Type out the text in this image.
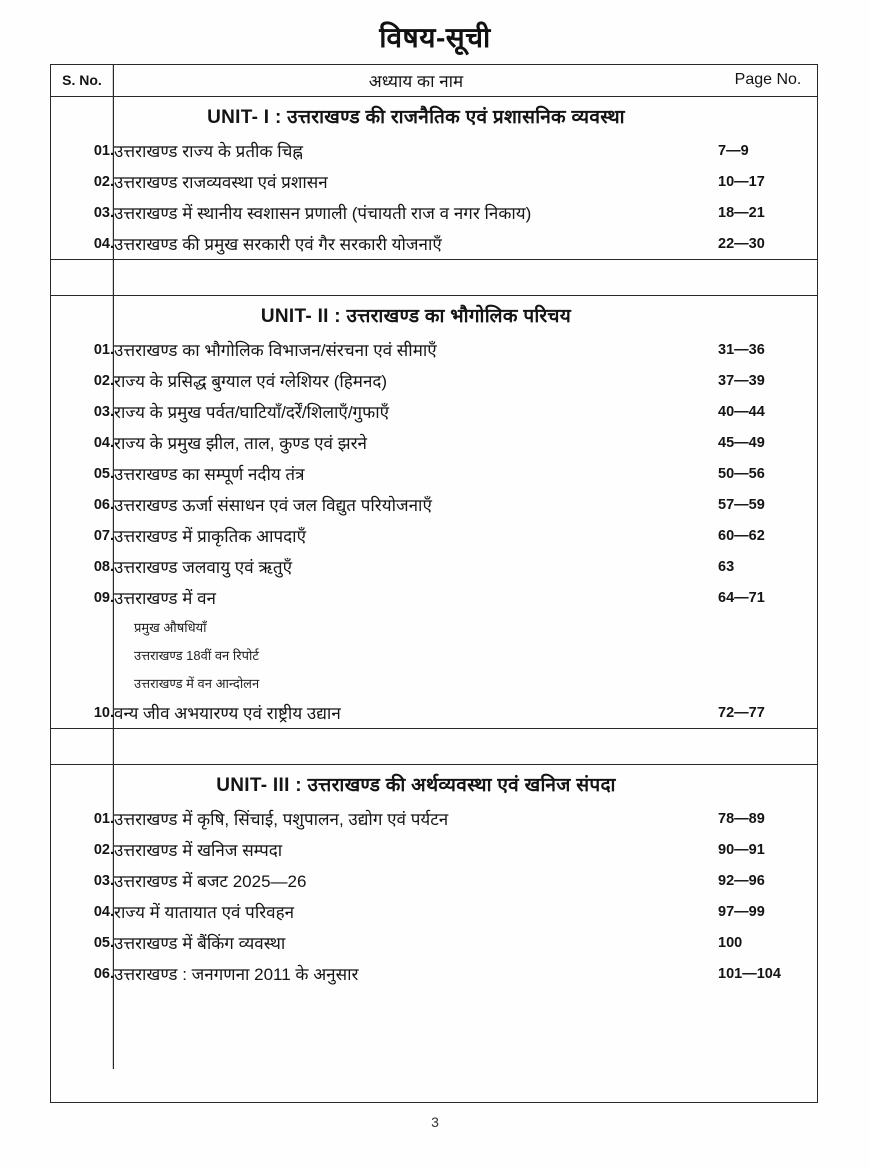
विषय-सूची
S. No.	अध्याय का नाम	Page No.
	UNIT- I : उत्तराखण्ड की राजनैतिक एवं प्रशासनिक व्यवस्था	
01.	उत्तराखण्ड राज्य के प्रतीक चिह्न	7—9
02.	उत्तराखण्ड राजव्यवस्था एवं प्रशासन	10—17
03.	उत्तराखण्ड में स्थानीय स्वशासन प्रणाली (पंचायती राज व नगर निकाय)	18—21
04.	उत्तराखण्ड की प्रमुख सरकारी एवं गैर सरकारी योजनाएँ	22—30

	UNIT- II : उत्तराखण्ड का भौगोलिक परिचय	
01.	उत्तराखण्ड का भौगोलिक विभाजन/संरचना एवं सीमाएँ	31—36
02.	राज्य के प्रसिद्ध बुग्याल एवं ग्लेशियर (हिमनद)	37—39
03.	राज्य के प्रमुख पर्वत/घाटियाँ/दर्रें/शिलाएँ/गुफाएँ	40—44
04.	राज्य के प्रमुख झील, ताल, कुण्ड एवं झरने	45—49
05.	उत्तराखण्ड का सम्पूर्ण नदीय तंत्र	50—56
06.	उत्तराखण्ड ऊर्जा संसाधन एवं जल विद्युत परियोजनाएँ	57—59
07.	उत्तराखण्ड में प्राकृतिक आपदाएँ	60—62
08.	उत्तराखण्ड जलवायु एवं ऋतुएँ	63
09.	उत्तराखण्ड में वन	64—71
	प्रमुख औषधियाँ	
	उत्तराखण्ड 18वीं वन रिपोर्ट	
	उत्तराखण्ड में वन आन्दोलन	
10.	वन्य जीव अभयारण्य एवं राष्ट्रीय उद्यान	72—77

	UNIT- III : उत्तराखण्ड की अर्थव्यवस्था एवं खनिज संपदा	
01.	उत्तराखण्ड में कृषि, सिंचाई, पशुपालन, उद्योग एवं पर्यटन	78—89
02.	उत्तराखण्ड में खनिज सम्पदा	90—91
03.	उत्तराखण्ड में बजट 2025—26	92—96
04.	राज्य में यातायात एवं परिवहन	97—99
05.	उत्तराखण्ड में बैंकिंग व्यवस्था	100
06.	उत्तराखण्ड : जनगणना 2011 के अनुसार	101—104

3
